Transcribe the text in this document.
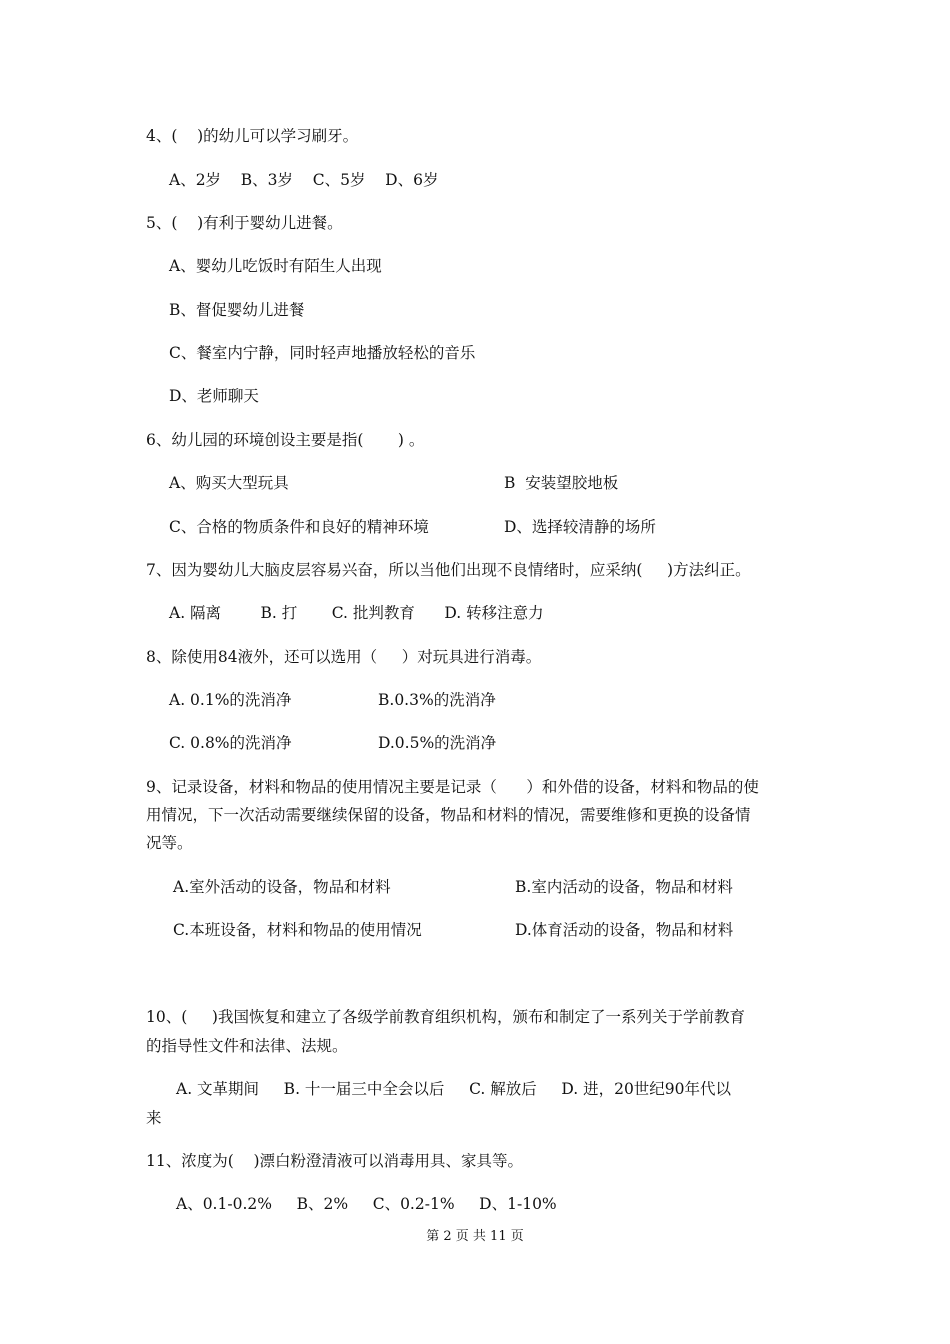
4、(    )的幼儿可以学习刷牙。
A、2岁    B、3岁    C、5岁    D、6岁
5、(    )有利于婴幼儿进餐。
A、婴幼儿吃饭时有陌生人出现
B、督促婴幼儿进餐
C、餐室内宁静，同时轻声地播放轻松的音乐
D、老师聊天
6、幼儿园的环境创设主要是指(       ) 。
A、购买大型玩具	B  安装望胶地板
C、合格的物质条件和良好的精神环境	D、选择较清静的场所
7、因为婴幼儿大脑皮层容易兴奋，所以当他们出现不良情绪时，应采纳(     )方法纠正。
A. 隔离        B. 打       C. 批判教育      D. 转移注意力
8、除使用84液外，还可以选用（     ）对玩具进行消毒。
A. 0.1%的洗消净	B.0.3%的洗消净
C. 0.8%的洗消净	D.0.5%的洗消净
9、记录设备，材料和物品的使用情况主要是记录（      ）和外借的设备，材料和物品的使
用情况，下一次活动需要继续保留的设备，物品和材料的情况，需要维修和更换的设备情
况等。
A.室外活动的设备，物品和材料	B.室内活动的设备，物品和材料
C.本班设备，材料和物品的使用情况	D.体育活动的设备，物品和材料
10、(     )我国恢复和建立了各级学前教育组织机构，颁布和制定了一系列关于学前教育
的指导性文件和法律、法规。
A. 文革期间     B. 十一届三中全会以后     C. 解放后     D. 进，20世纪90年代以
来
11、浓度为(    )漂白粉澄清液可以消毒用具、家具等。
A、0.1-0.2%     B、2%     C、0.2-1%     D、1-10%
第 2 页 共 11 页
